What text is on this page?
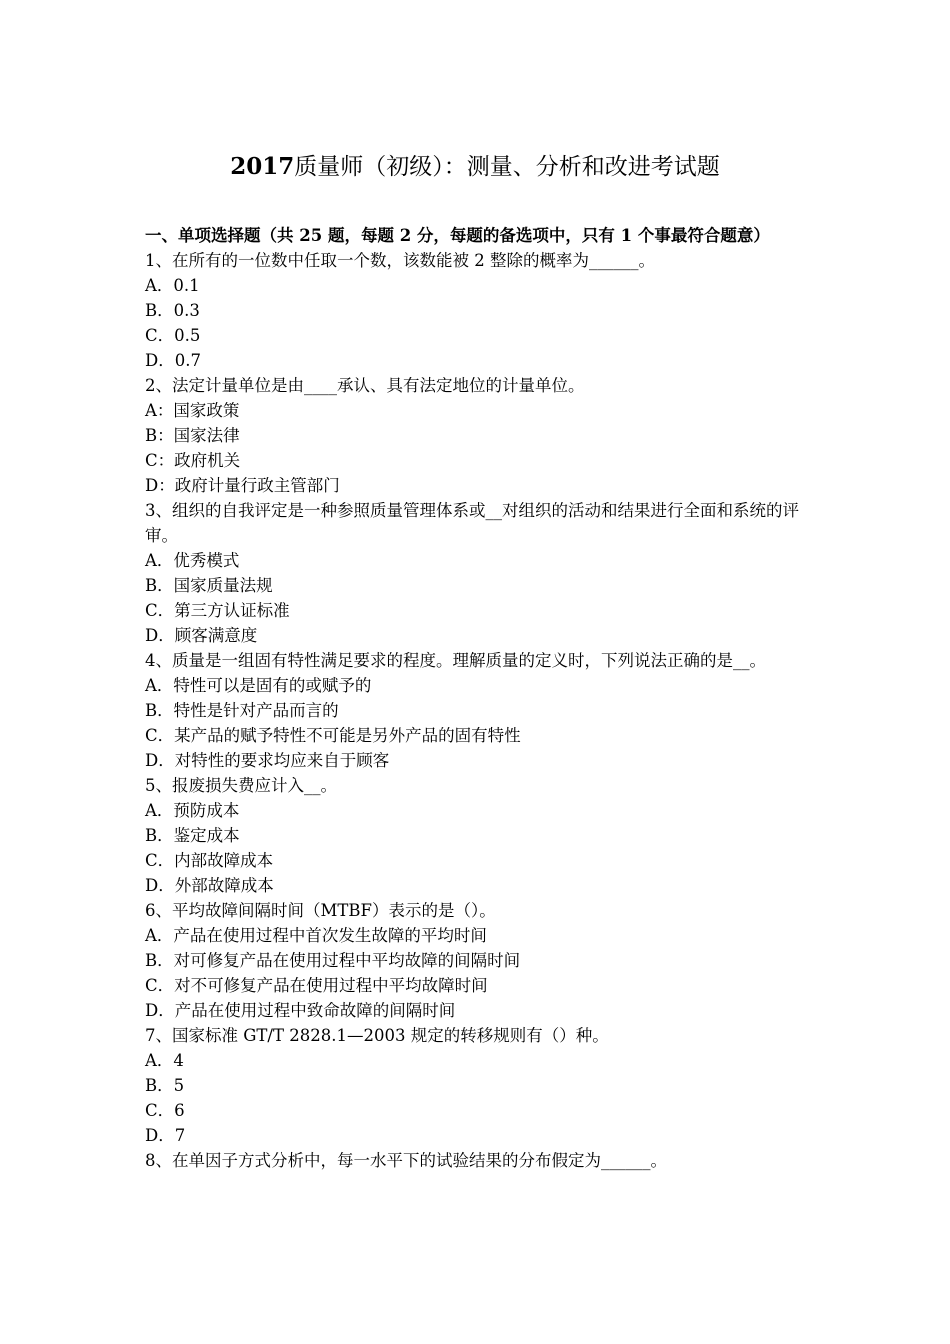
2017质量师（初级）：测量、分析和改进考试题
一、单项选择题（共 25 题，每题 2 分，每题的备选项中，只有 1 个事最符合题意）
1、在所有的一位数中任取一个数，该数能被 2 整除的概率为______。
A．0.1
B．0.3
C．0.5
D．0.7
2、法定计量单位是由____承认、具有法定地位的计量单位。
A：国家政策
B：国家法律
C：政府机关
D：政府计量行政主管部门
3、组织的自我评定是一种参照质量管理体系或__对组织的活动和结果进行全面和系统的评审。
A．优秀模式
B．国家质量法规
C．第三方认证标准
D．顾客满意度
4、质量是一组固有特性满足要求的程度。理解质量的定义时，下列说法正确的是__。
A．特性可以是固有的或赋予的
B．特性是针对产品而言的
C．某产品的赋予特性不可能是另外产品的固有特性
D．对特性的要求均应来自于顾客
5、报废损失费应计入__。
A．预防成本
B．鉴定成本
C．内部故障成本
D．外部故障成本
6、平均故障间隔时间（MTBF）表示的是（）。
A．产品在使用过程中首次发生故障的平均时间
B．对可修复产品在使用过程中平均故障的间隔时间
C．对不可修复产品在使用过程中平均故障时间
D．产品在使用过程中致命故障的间隔时间
7、国家标准 GT/T 2828.1—2003 规定的转移规则有（）种。
A．4
B．5
C．6
D．7
8、在单因子方式分析中，每一水平下的试验结果的分布假定为______。
